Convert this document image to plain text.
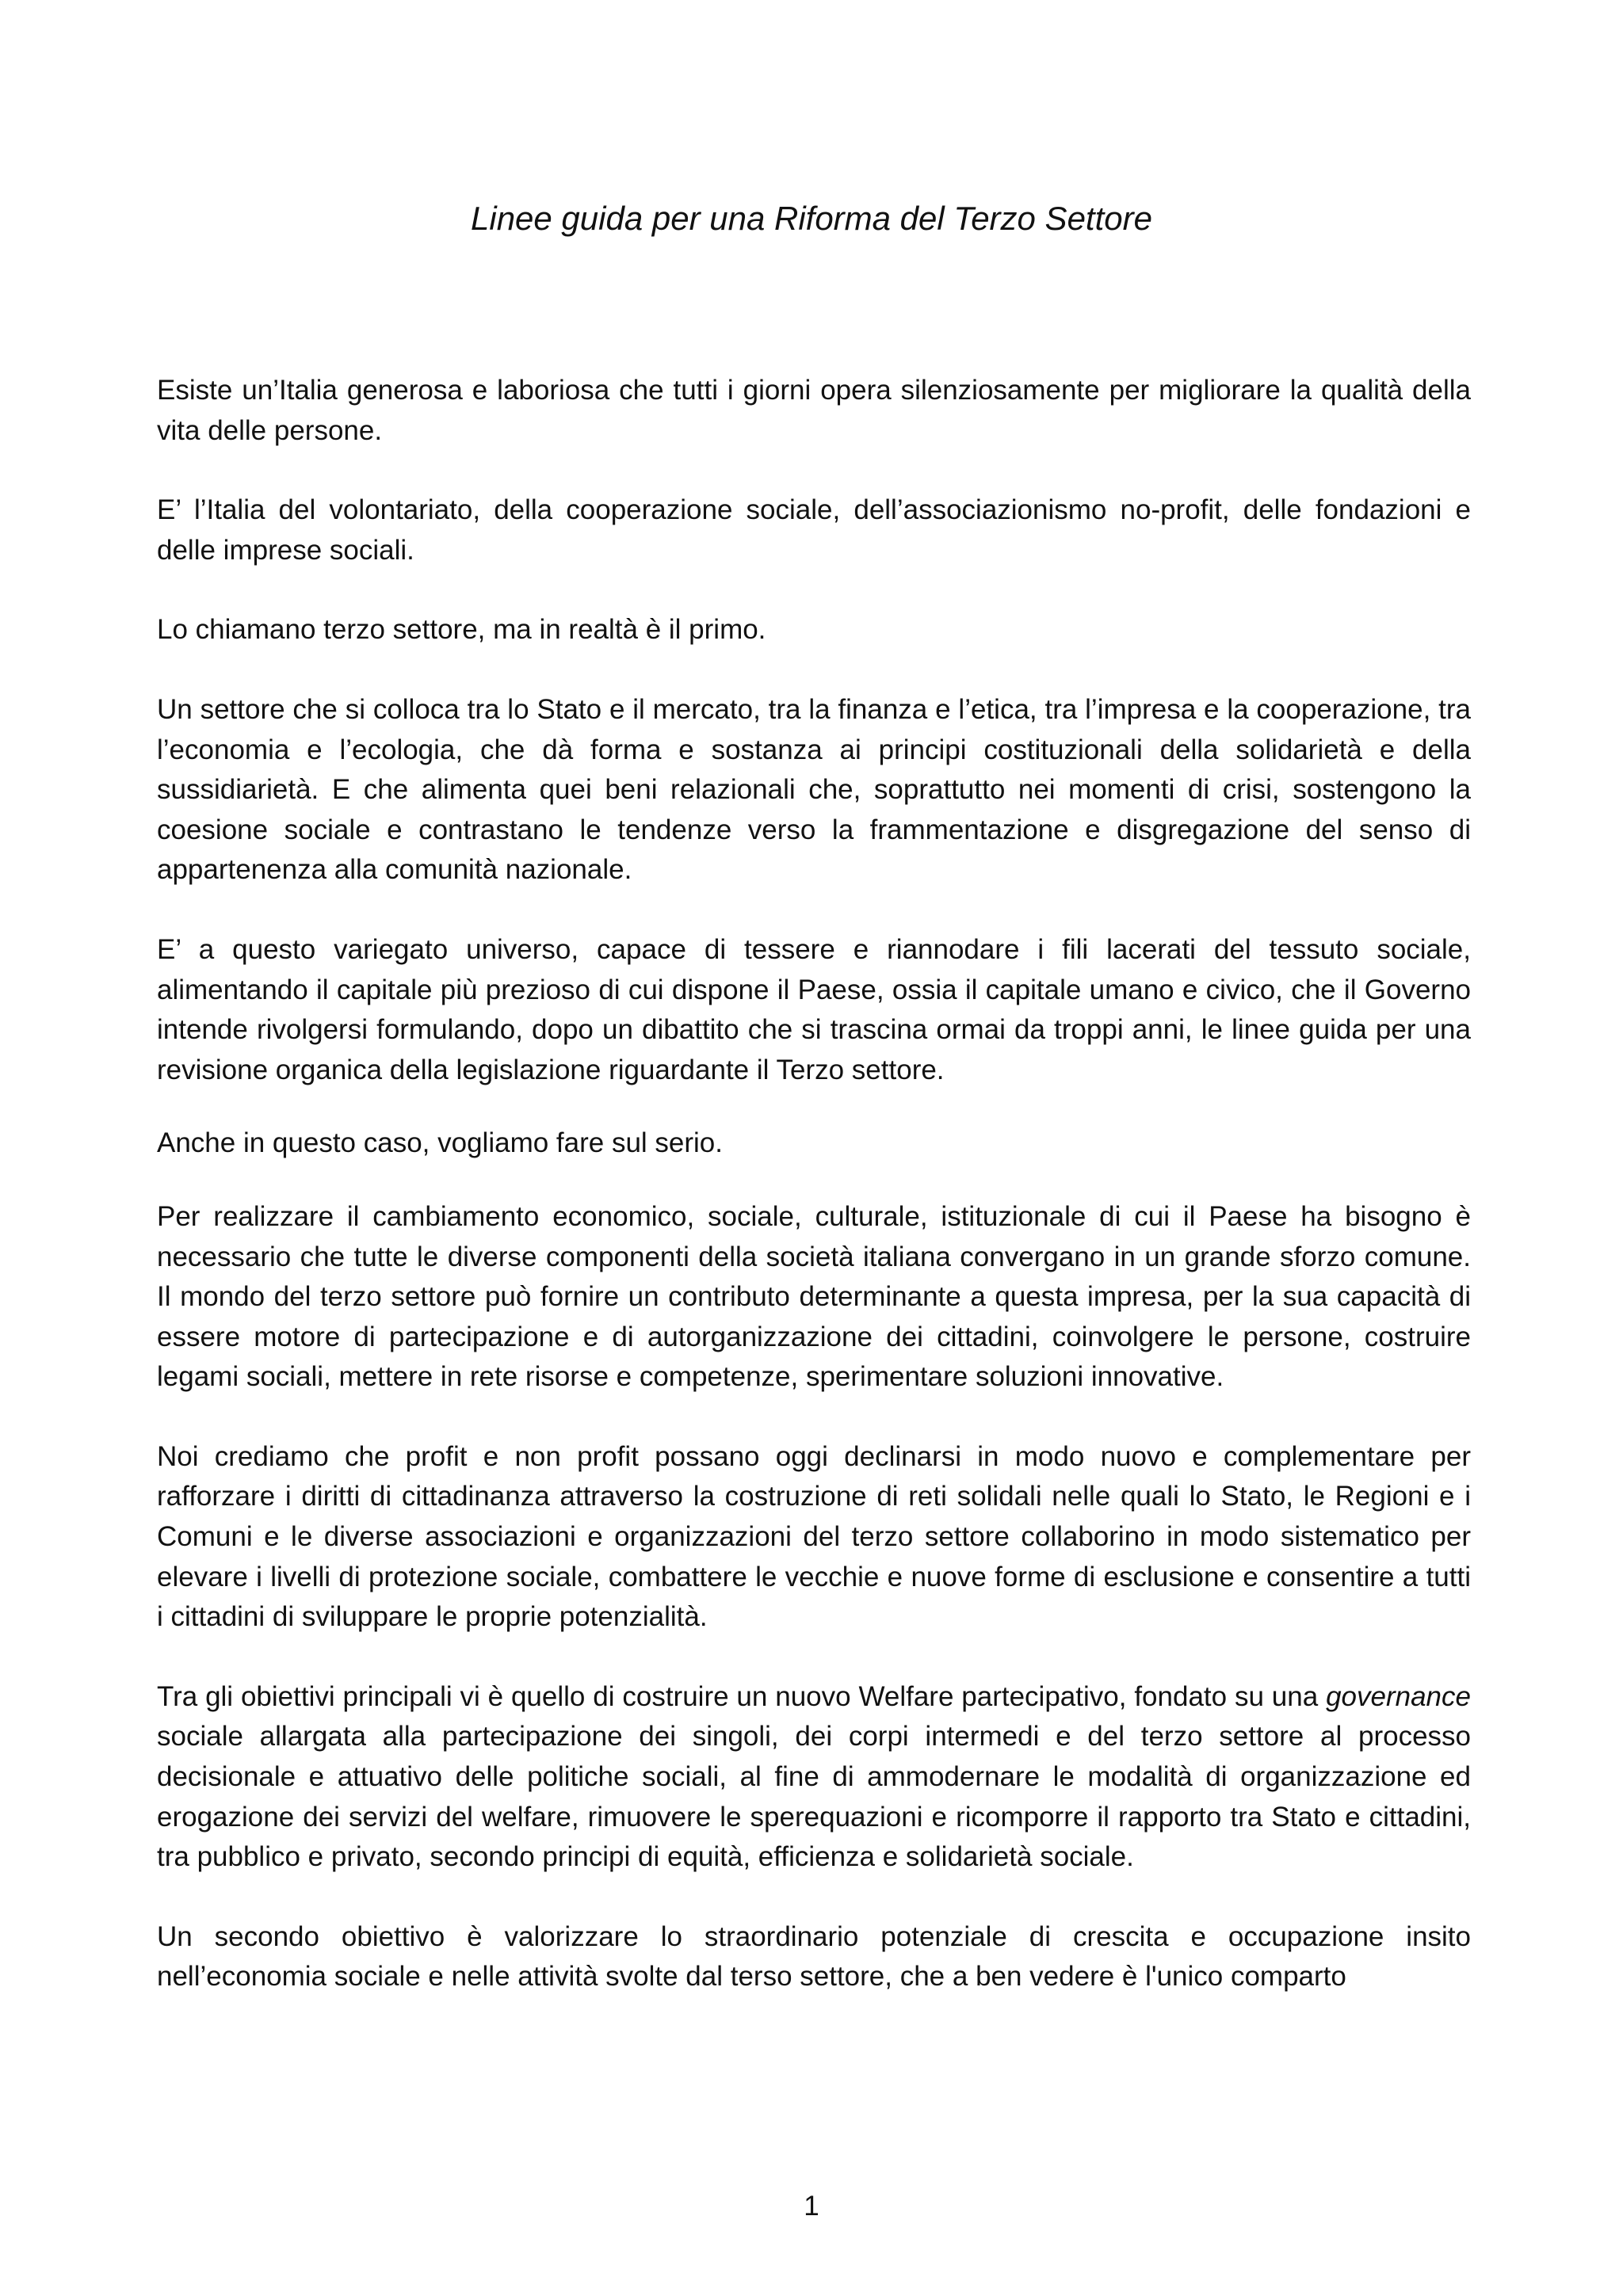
Linee guida per una Riforma del Terzo Settore

Esiste un’Italia generosa e laboriosa che tutti i giorni opera silenziosamente per migliorare la qualità della vita delle persone.

E’ l’Italia del volontariato, della cooperazione sociale, dell’associazionismo no-profit, delle fondazioni e delle imprese sociali.

Lo chiamano terzo settore, ma in realtà è il primo.

Un settore che si colloca tra lo Stato e il mercato, tra la finanza e l’etica, tra l’impresa e la cooperazione, tra l’economia e l’ecologia, che dà forma e sostanza ai principi costituzionali della solidarietà e della sussidiarietà. E che alimenta quei beni relazionali che, soprattutto nei momenti di crisi, sostengono la coesione sociale e contrastano le tendenze verso la frammentazione e disgregazione del senso di appartenenza alla comunità nazionale.

E’ a questo variegato universo, capace di tessere e riannodare i fili lacerati del tessuto sociale, alimentando il capitale più prezioso di cui dispone il Paese, ossia il capitale umano e civico, che il Governo intende rivolgersi formulando, dopo un dibattito che si trascina ormai da troppi anni, le linee guida per una revisione organica della legislazione riguardante il Terzo settore.

Anche in questo caso, vogliamo fare sul serio.

Per realizzare il cambiamento economico, sociale, culturale, istituzionale di cui il Paese ha bisogno è necessario che tutte le diverse componenti della società italiana convergano in un grande sforzo comune. Il mondo del terzo settore può fornire un contributo determinante a questa impresa, per la sua capacità di essere motore di partecipazione e di autorganizzazione dei cittadini, coinvolgere le persone, costruire legami sociali, mettere in rete risorse e competenze, sperimentare soluzioni innovative.

Noi crediamo che profit e non profit possano oggi declinarsi in modo nuovo e complementare per rafforzare i diritti di cittadinanza attraverso la costruzione di reti solidali nelle quali lo Stato, le Regioni e i Comuni e le diverse associazioni e organizzazioni del terzo settore collaborino in modo sistematico per elevare i livelli di protezione sociale, combattere le vecchie e nuove forme di esclusione e consentire a tutti i cittadini di sviluppare le proprie potenzialità.

Tra gli obiettivi principali vi è quello di costruire un nuovo Welfare partecipativo, fondato su una governance sociale allargata alla partecipazione dei singoli, dei corpi intermedi e del terzo settore al processo decisionale e attuativo delle politiche sociali, al fine di ammodernare le modalità di organizzazione ed erogazione dei servizi del welfare, rimuovere le sperequazioni e ricomporre il rapporto tra Stato e cittadini, tra pubblico e privato, secondo principi di equità, efficienza e solidarietà sociale.

Un secondo obiettivo è valorizzare lo straordinario potenziale di crescita e occupazione insito nell’economia sociale e nelle attività svolte dal terso settore, che a ben vedere è l'unico comparto

1
